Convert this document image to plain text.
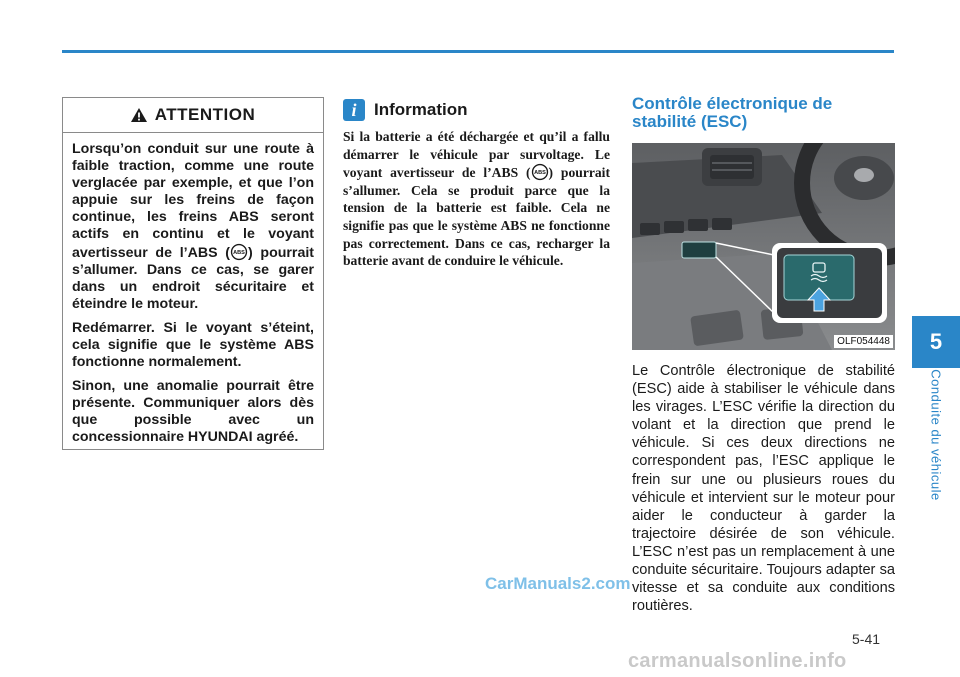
ATTENTION

Lorsqu’on conduit sur une route à faible traction, comme une route verglacée par exemple, et que l’on appuie sur les freins de façon continue, les freins ABS seront actifs en continu et le voyant avertisseur de l’ABS ( ABS ) pourrait s’allumer. Dans ce cas, se garer dans un endroit sécuritaire et éteindre le moteur.

Redémarrer. Si le voyant s’éteint, cela signifie que le système ABS fonctionne normalement.

Sinon, une anomalie pourrait être présente. Communiquer alors dès que possible avec un concessionnaire HYUNDAI agréé.

i	Information

Si la batterie a été déchargée et qu’il a fallu démarrer le véhicule par survoltage. Le voyant avertisseur de l’ABS ( ABS ) pourrait s’allumer. Cela se produit parce que la tension de la batterie est faible. Cela ne signifie pas que le système ABS ne fonctionne pas correctement. Dans ce cas, recharger la batterie avant de conduire le véhicule.

Contrôle électronique de stabilité (ESC)
OLF054448

Le Contrôle électronique de stabilité (ESC) aide à stabiliser le véhicule dans les virages. L’ESC vérifie la direction du volant et la direction que prend le véhicule. Si ces deux directions ne correspondent pas, l’ESC applique le frein sur une ou plusieurs roues du véhicule et intervient sur le moteur pour aider le conducteur à garder la trajectoire désirée de son véhicule. L’ESC n’est pas un remplacement à une conduite sécuritaire. Toujours adapter sa vitesse et sa conduite aux conditions routières.

5
Conduite du véhicule
5-41
CarManuals2.com
carmanualsonline.info
